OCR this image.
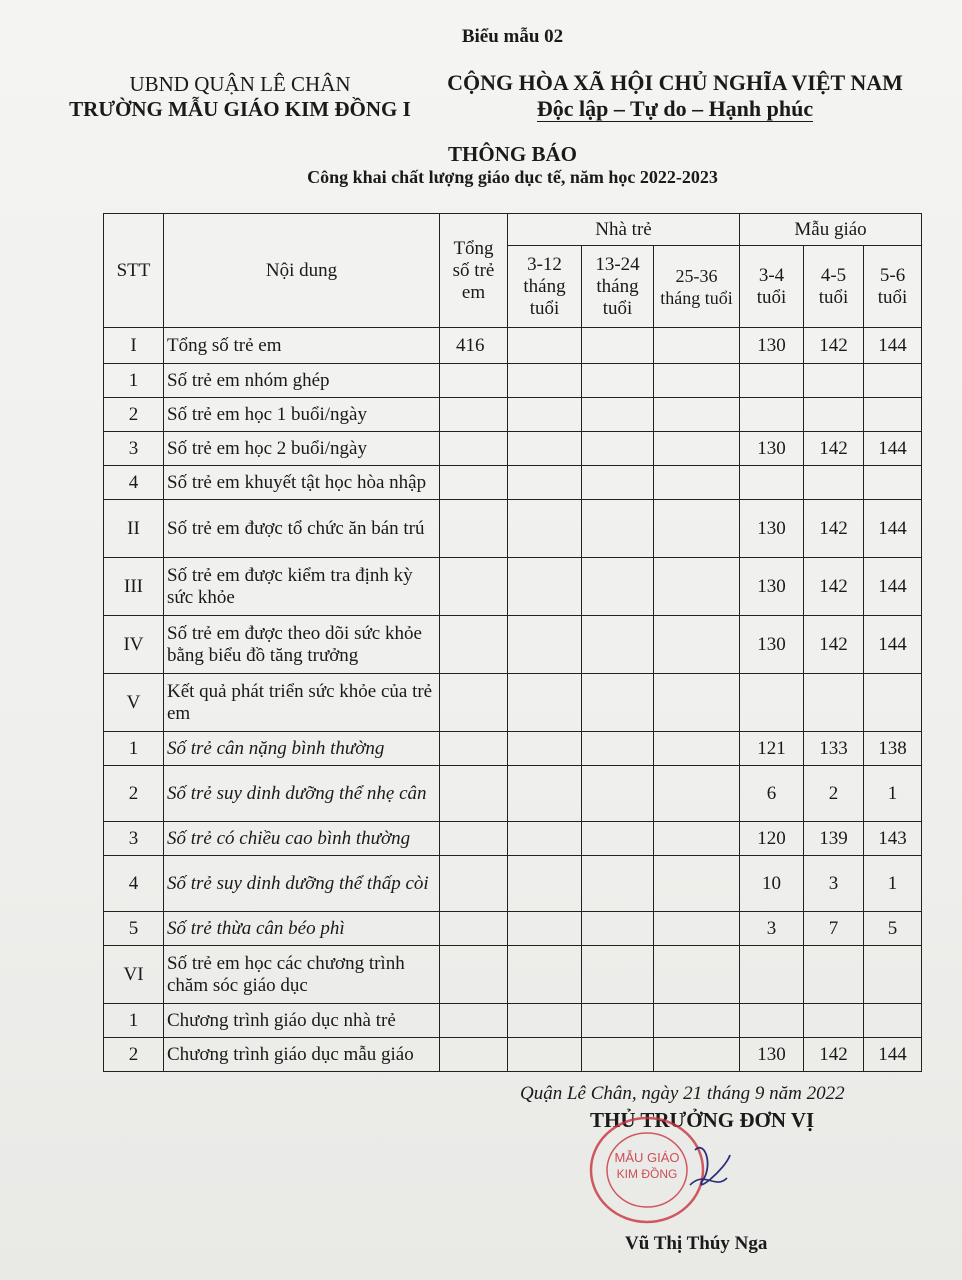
Biểu mẫu 02
UBND QUẬN LÊ CHÂN
TRƯỜNG MẪU GIÁO KIM ĐỒNG I
CỘNG HÒA XÃ HỘI CHỦ NGHĨA VIỆT NAM
Độc lập – Tự do – Hạnh phúc
THÔNG BÁO
Công khai chất lượng giáo dục tế, năm học 2022-2023
STT	Nội dung	Tổng số trẻ em	Nhà trẻ			Mẫu giáo		
			3-12 tháng tuổi	13-24 tháng tuổi	25-36 tháng tuổi	3-4 tuổi	4-5 tuổi	5-6 tuổi
I	Tổng số trẻ em	416				130	142	144
1	Số trẻ em nhóm ghép							
2	Số trẻ em học 1 buổi/ngày							
3	Số trẻ em học 2 buổi/ngày					130	142	144
4	Số trẻ em khuyết tật học hòa nhập							
II	Số trẻ em được tổ chức ăn bán trú					130	142	144
III	Số trẻ em được kiểm tra định kỳ sức khỏe					130	142	144
IV	Số trẻ em được theo dõi sức khỏe bằng biểu đồ tăng trưởng					130	142	144
V	Kết quả phát triển sức khỏe của trẻ em							
1	Số trẻ cân nặng bình thường					121	133	138
2	Số trẻ suy dinh dưỡng thể nhẹ cân					6	2	1
3	Số trẻ có chiều cao bình thường					120	139	143
4	Số trẻ suy dinh dưỡng thể thấp còi					10	3	1
5	Số trẻ thừa cân béo phì					3	7	5
VI	Số trẻ em học các chương trình chăm sóc giáo dục							
1	Chương trình giáo dục nhà trẻ							
2	Chương trình giáo dục mẫu giáo					130	142	144
Quận Lê Chân, ngày 21 tháng 9 năm 2022
THỦ TRƯỞNG ĐƠN VỊ
MẪU GIÁO
KIM ĐỒNG
Vũ Thị Thúy Nga
